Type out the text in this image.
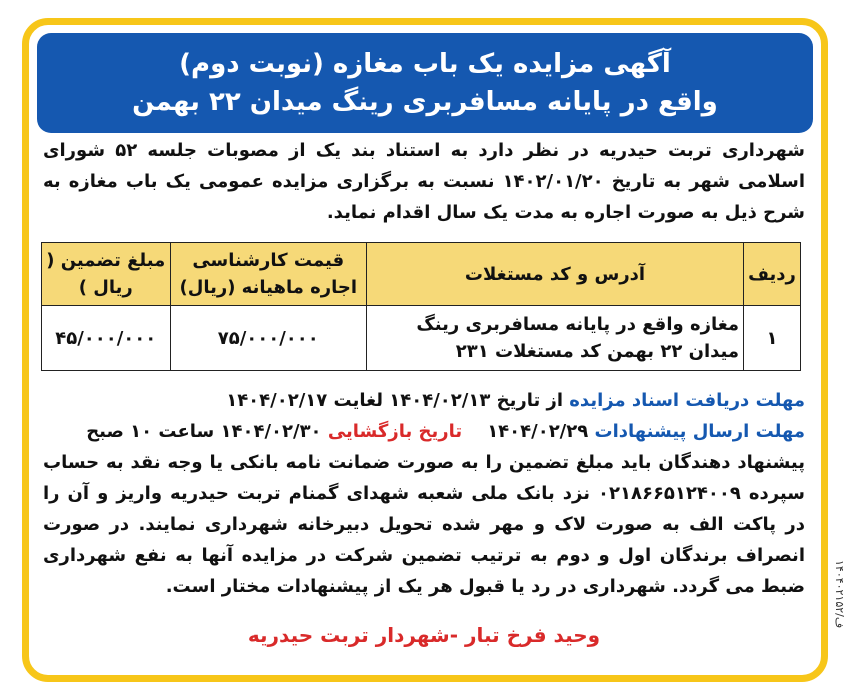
آگهی مزایده یک باب مغازه (نوبت دوم)
واقع در پایانه مسافربری رینگ میدان ۲۲ بهمن
شهرداری تربت حیدریه در نظر دارد به استناد بند یک از مصوبات جلسه ۵۲ شورای اسلامی شهر به تاریخ ۱۴۰۲/۰۱/۲۰ نسبت به برگزاری مزایده عمومی یک باب مغازه به شرح ذیل به صورت اجاره به مدت یک سال اقدام نماید.
ردیف	آدرس و کد مستغلات	قیمت کارشناسی اجاره ماهیانه (ریال)	مبلغ تضمین ( ریال )
۱	مغازه واقع در پایانه مسافربری رینگ میدان ۲۲ بهمن کد مستغلات ۲۳۱	۷۵/۰۰۰/۰۰۰	۴۵/۰۰۰/۰۰۰

مهلت دریافت اسناد مزایده از تاریخ ۱۴۰۴/۰۲/۱۳ لغایت ۱۴۰۴/۰۲/۱۷

مهلت ارسال پیشنهادات ۱۴۰۴/۰۲/۲۹    تاریخ بازگشایی ۱۴۰۴/۰۲/۳۰ ساعت ۱۰ صبح

پیشنهاد دهندگان باید مبلغ تضمین را به صورت ضمانت نامه بانکی یا وجه نقد به حساب سپرده ۰۲۱۸۶۶۵۱۲۴۰۰۹ نزد بانک ملی شعبه شهدای گمنام تربت حیدریه واریز و آن را در پاکت الف به صورت لاک و مهر شده تحویل دبیرخانه شهرداری نمایند. در صورت انصراف برندگان اول و دوم به ترتیب تضمین شرکت در مزایده آنها به نفع شهرداری ضبط می گردد. شهرداری در رد یا قبول هر یک از پیشنهادات مختار است.

وحید فرخ تبار -شهردار تربت حیدریه
۱۴۰۴۰۲۱۵۲/ف
